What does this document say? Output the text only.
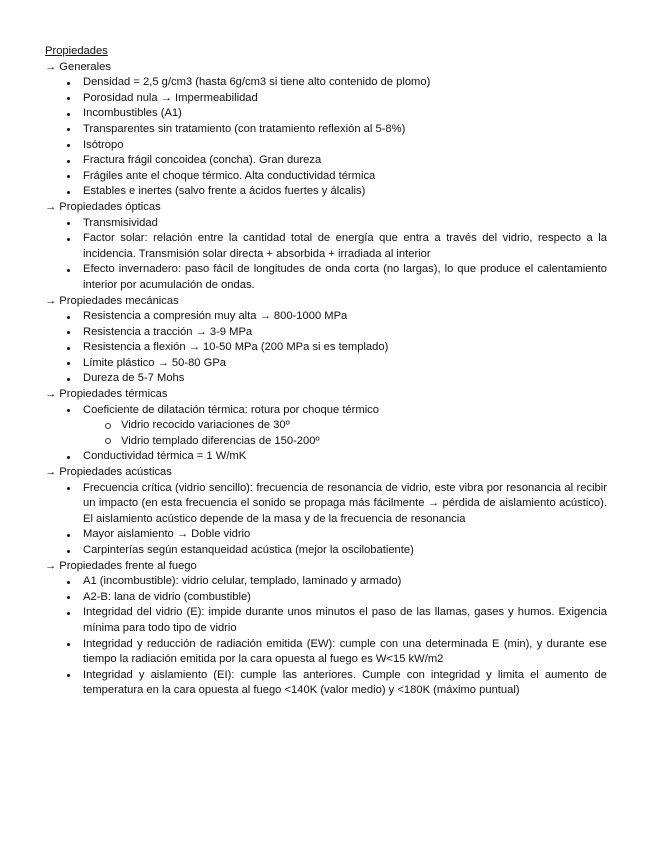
Propiedades
→ Generales
Densidad = 2,5 g/cm3 (hasta 6g/cm3 si tiene alto contenido de plomo)
Porosidad nula → Impermeabilidad
Incombustibles (A1)
Transparentes sin tratamiento (con tratamiento reflexión al 5-8%)
Isótropo
Fractura frágil concoidea (concha). Gran dureza
Frágiles ante el choque térmico. Alta conductividad térmica
Estables e inertes (salvo frente a ácidos fuertes y álcalis)
→ Propiedades ópticas
Transmisividad
Factor solar: relación entre la cantidad total de energía que entra a través del vidrio, respecto a la incidencia. Transmisión solar directa + absorbida + irradiada al interior
Efecto invernadero: paso fácil de longitudes de onda corta (no largas), lo que produce el calentamiento interior por acumulación de ondas.
→ Propiedades mecánicas
Resistencia a compresión muy alta → 800-1000 MPa
Resistencia a tracción → 3-9 MPa
Resistencia a flexión → 10-50 MPa (200 MPa si es templado)
Límite plástico → 50-80 GPa
Dureza de 5-7 Mohs
→ Propiedades térmicas
Coeficiente de dilatación térmica: rotura por choque térmico
Vidrio recocido variaciones de 30º
Vidrio templado diferencias de 150-200º
Conductividad térmica = 1 W/mK
→ Propiedades acústicas
Frecuencia crítica (vidrio sencillo): frecuencia de resonancia de vidrio, este vibra por resonancia al recibir un impacto (en esta frecuencia el sonido se propaga más fácilmente → pérdida de aislamiento acústico). El aislamiento acústico depende de la masa y de la frecuencia de resonancia
Mayor aislamiento → Doble vidrio
Carpinterías según estanqueidad acústica (mejor la oscilobatiente)
→ Propiedades frente al fuego
A1 (incombustible): vidrio celular, templado, laminado y armado)
A2-B: lana de vidrio (combustible)
Integridad del vidrio (E): impide durante unos minutos el paso de las llamas, gases y humos. Exigencia mínima para todo tipo de vidrio
Integridad y reducción de radiación emitida (EW): cumple con una determinada E (min), y durante ese tiempo la radiación emitida por la cara opuesta al fuego es W<15 kW/m2
Integridad y aislamiento (EI): cumple las anteriores. Cumple con integridad y limita el aumento de temperatura en la cara opuesta al fuego <140K (valor medio) y <180K (máximo puntual)
